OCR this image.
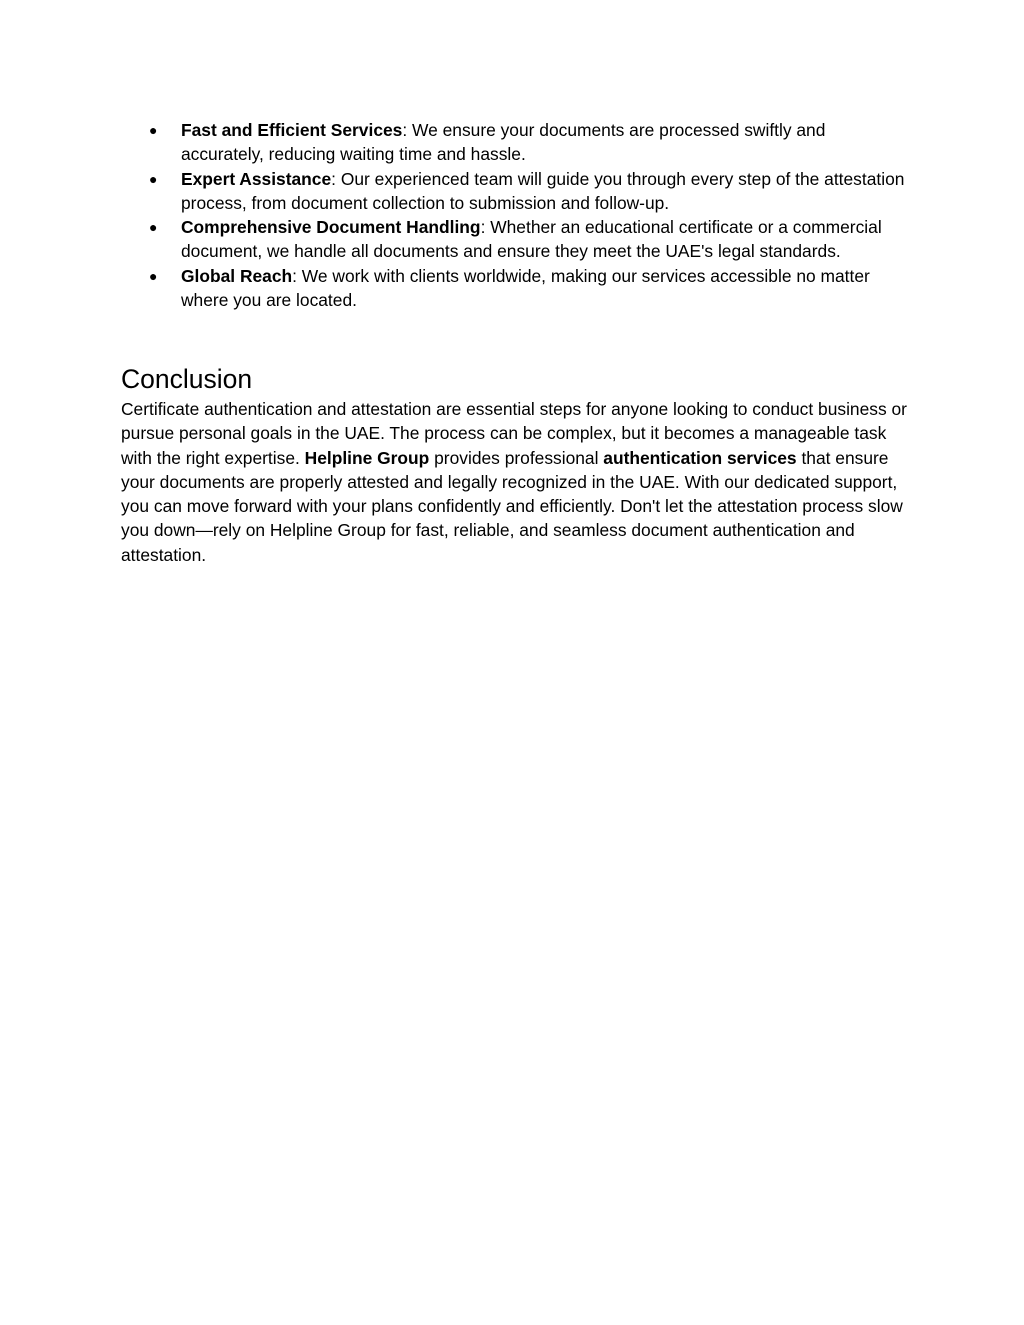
● Fast and Efficient Services: We ensure your documents are processed swiftly and accurately, reducing waiting time and hassle.
● Expert Assistance: Our experienced team will guide you through every step of the attestation process, from document collection to submission and follow-up.
● Comprehensive Document Handling: Whether an educational certificate or a commercial document, we handle all documents and ensure they meet the UAE's legal standards.
● Global Reach: We work with clients worldwide, making our services accessible no matter where you are located.
Conclusion

Certificate authentication and attestation are essential steps for anyone looking to conduct business or pursue personal goals in the UAE. The process can be complex, but it becomes a manageable task with the right expertise. Helpline Group provides professional authentication services that ensure your documents are properly attested and legally recognized in the UAE. With our dedicated support, you can move forward with your plans confidently and efficiently. Don't let the attestation process slow you down—rely on Helpline Group for fast, reliable, and seamless document authentication and attestation.
